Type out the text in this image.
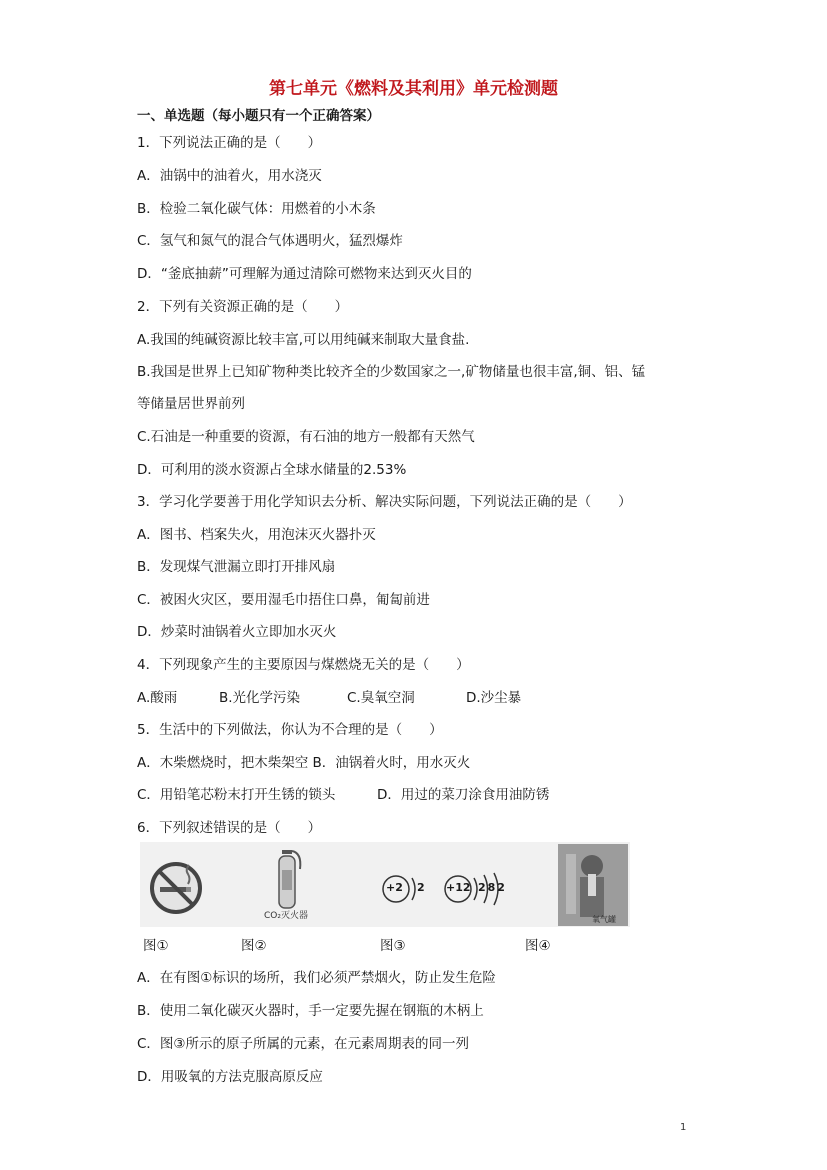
第七单元《燃料及其利用》单元检测题
一、单选题（每小题只有一个正确答案）
1．下列说法正确的是（　　）
A．油锅中的油着火，用水浇灭
B．检验二氧化碳气体：用燃着的小木条
C．氢气和氮气的混合气体遇明火，猛烈爆炸
D．“釜底抽薪”可理解为通过清除可燃物来达到灭火目的
2．下列有关资源正确的是（　　）
A.我国的纯碱资源比较丰富,可以用纯碱来制取大量食盐.
B.我国是世界上已知矿物种类比较齐全的少数国家之一,矿物储量也很丰富,铜、铝、锰
等储量居世界前列
C.石油是一种重要的资源，有石油的地方一般都有天然气
D．可利用的淡水资源占全球水储量的2.53%
3．学习化学要善于用化学知识去分析、解决实际问题，下列说法正确的是（　　）
A．图书、档案失火，用泡沫灭火器扑灭
B．发现煤气泄漏立即打开排风扇
C．被困火灾区，要用湿毛巾捂住口鼻，匍匐前进
D．炒菜时油锅着火立即加水灭火
4．下列现象产生的主要原因与煤燃烧无关的是（　　）
A.酸雨	B.光化学污染	C.臭氧空洞	D.沙尘暴
5．生活中的下列做法，你认为不合理的是（　　）
A．木柴燃烧时，把木柴架空 B．油锅着火时，用水灭火
C．用铅笔芯粉末打开生锈的锁头	D．用过的菜刀涂食用油防锈
6．下列叙述错误的是（　　）
CO₂灭火器
+2 2 +12 282
氧气罐
图①	图②	图③	图④
A．在有图①标识的场所，我们必须严禁烟火，防止发生危险
B．使用二氧化碳灭火器时，手一定要先握在钢瓶的木柄上
C．图③所示的原子所属的元素，在元素周期表的同一列
D．用吸氧的方法克服高原反应
1
